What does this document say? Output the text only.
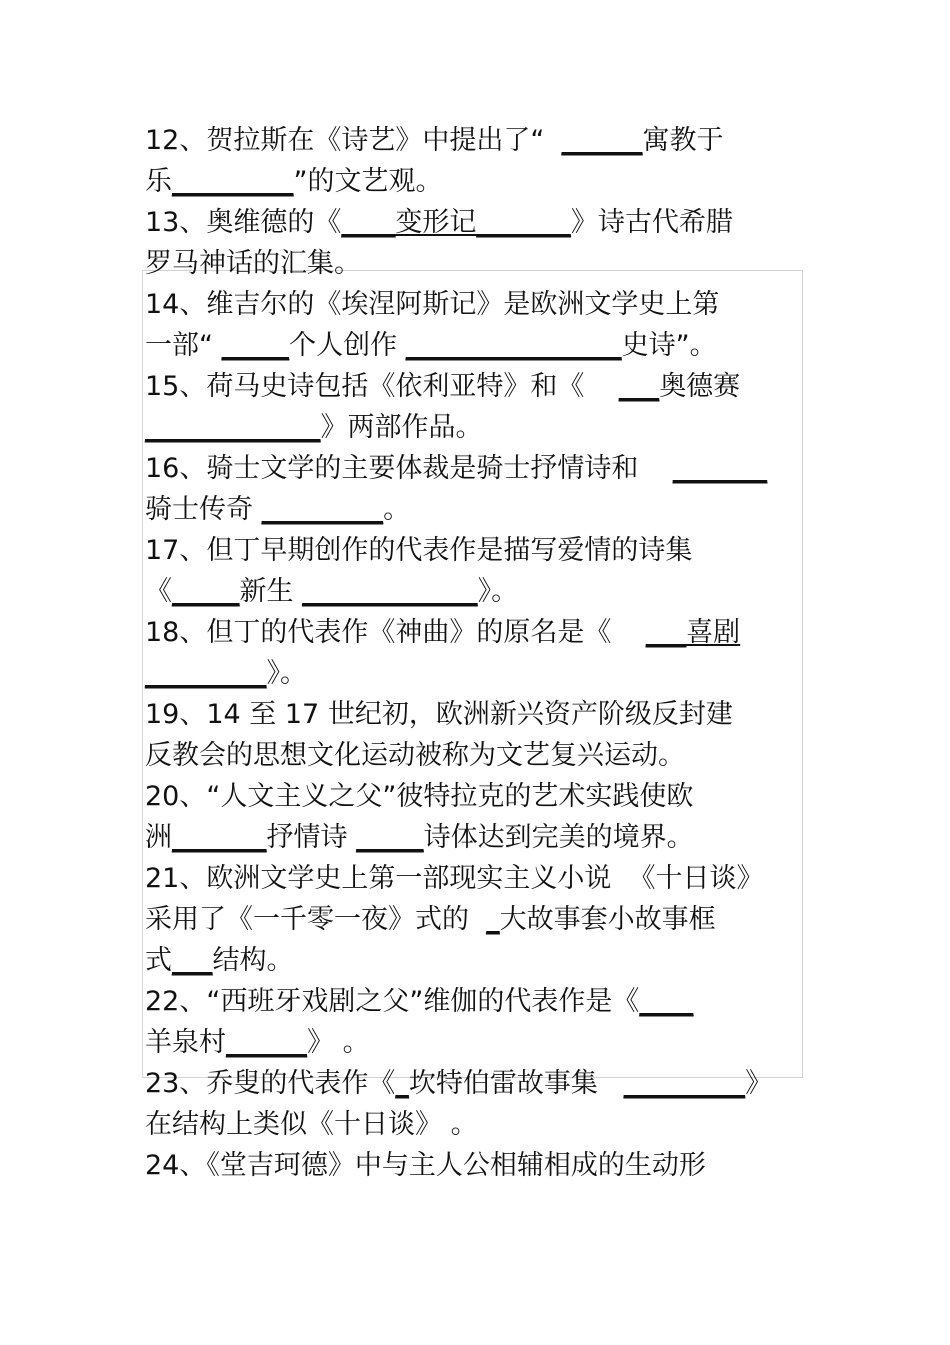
12、贺拉斯在《诗艺》中提出了“  ______寓教于
乐_________”的文艺观。
13、奥维德的《____变形记_______》诗古代希腊
罗马神话的汇集。
14、维吉尔的《埃涅阿斯记》是欧洲文学史上第
一部“ _____个人创作 ________________史诗”。
15、荷马史诗包括《依利亚特》和《    ___奥德赛
_____________》两部作品。
16、骑士文学的主要体裁是骑士抒情诗和    _______
骑士传奇 _________。
17、但丁早期创作的代表作是描写爱情的诗集
《_____新生 _____________》。
18、但丁的代表作《神曲》的原名是《    ___喜剧
_________》。
19、14 至 17 世纪初，欧洲新兴资产阶级反封建
反教会的思想文化运动被称为文艺复兴运动。
20、“人文主义之父”彼特拉克的艺术实践使欧
洲_______抒情诗 _____诗体达到完美的境界。
21、欧洲文学史上第一部现实主义小说  《十日谈》
采用了《一千零一夜》式的  _大故事套小故事框
式___结构。
22、“西班牙戏剧之父”维伽的代表作是《____
羊泉村______》 。
23、乔叟的代表作《_坎特伯雷故事集   _________》
在结构上类似《十日谈》 。
24、《堂吉珂德》中与主人公相辅相成的生动形
